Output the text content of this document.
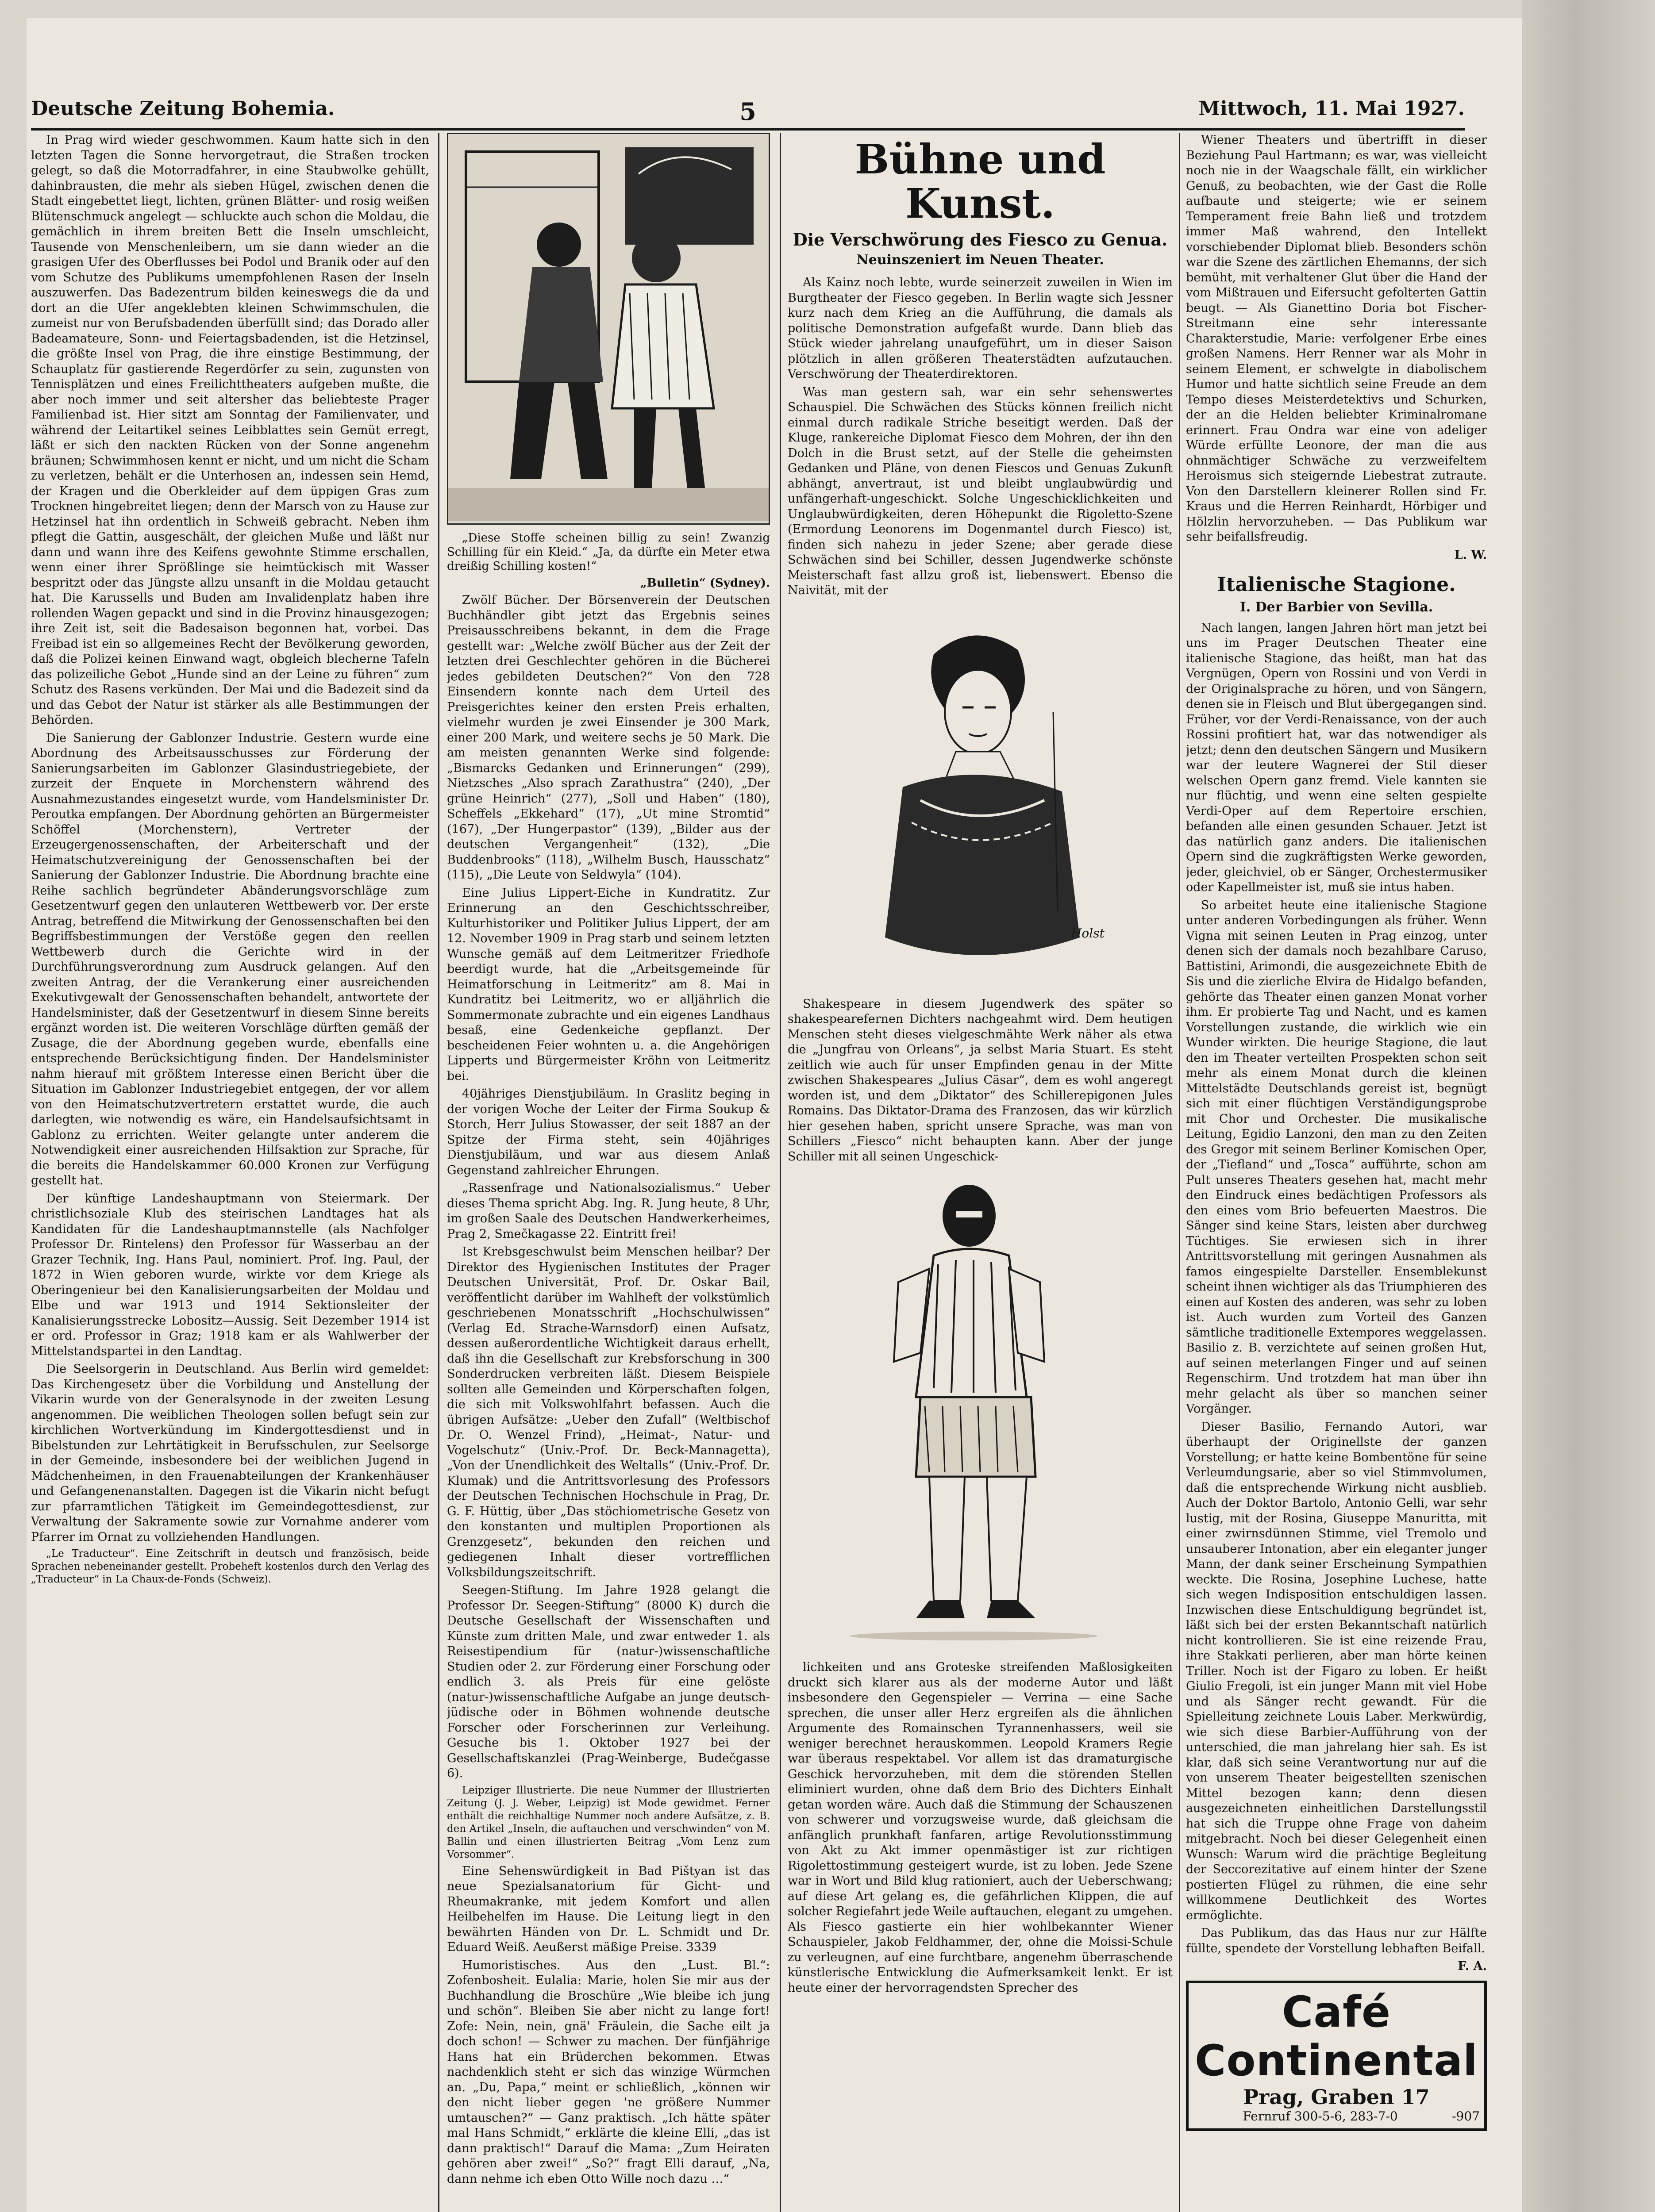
Deutsche Zeitung Bohemia.	5	Mittwoch, 11. Mai 1927.

In Prag wird wieder geschwommen. Kaum hatte sich in den letzten Tagen die Sonne hervorgetraut, die Straßen trocken gelegt, so daß die Motorradfahrer, in eine Staubwolke gehüllt, dahinbrausten, die mehr als sieben Hügel, zwischen denen die Stadt eingebettet liegt, lichten, grünen Blätter- und rosig weißen Blütenschmuck angelegt — schluckte auch schon die Moldau, die gemächlich in ihrem breiten Bett die Inseln umschleicht, Tausende von Menschenleibern, um sie dann wieder an die grasigen Ufer des Oberflusses bei Podol und Branik oder auf den vom Schutze des Publikums umempfohlenen Rasen der Inseln auszuwerfen. Das Badezentrum bilden keineswegs die da und dort an die Ufer angeklebten kleinen Schwimmschulen, die zumeist nur von Berufsbadenden überfüllt sind; das Dorado aller Badeamateure, Sonn- und Feiertagsbadenden, ist die Hetzinsel, die größte Insel von Prag, die ihre einstige Bestimmung, der Schauplatz für gastierende Regerdörfer zu sein, zugunsten von Tennisplätzen und eines Freilichttheaters aufgeben mußte, die aber noch immer und seit altersher das beliebteste Prager Familienbad ist. Hier sitzt am Sonntag der Familienvater, und während der Leitartikel seines Leibblattes sein Gemüt erregt, läßt er sich den nackten Rücken von der Sonne angenehm bräunen; Schwimmhosen kennt er nicht, und um nicht die Scham zu verletzen, behält er die Unterhosen an, indessen sein Hemd, der Kragen und die Oberkleider auf dem üppigen Gras zum Trocknen hingebreitet liegen; denn der Marsch von zu Hause zur Hetzinsel hat ihn ordentlich in Schweiß gebracht. Neben ihm pflegt die Gattin, ausgeschält, der gleichen Muße und läßt nur dann und wann ihre des Keifens gewohnte Stimme erschallen, wenn einer ihrer Sprößlinge sie heimtückisch mit Wasser bespritzt oder das Jüngste allzu unsanft in die Moldau getaucht hat. Die Karussells und Buden am Invalidenplatz haben ihre rollenden Wagen gepackt und sind in die Provinz hinausgezogen; ihre Zeit ist, seit die Badesaison begonnen hat, vorbei. Das Freibad ist ein so allgemeines Recht der Bevölkerung geworden, daß die Polizei keinen Einwand wagt, obgleich blecherne Tafeln das polizeiliche Gebot „Hunde sind an der Leine zu führen“ zum Schutz des Rasens verkünden. Der Mai und die Badezeit sind da und das Gebot der Natur ist stärker als alle Bestimmungen der Behörden.

Die Sanierung der Gablonzer Industrie. Gestern wurde eine Abordnung des Arbeitsausschusses zur Förderung der Sanierungsarbeiten im Gablonzer Glasindustriegebiete, der zurzeit der Enquete in Morchenstern während des Ausnahmezustandes eingesetzt wurde, vom Handelsminister Dr. Peroutka empfangen. Der Abordnung gehörten an Bürgermeister Schöffel (Morchenstern), Vertreter der Erzeugergenossenschaften, der Arbeiterschaft und der Heimatschutzvereinigung der Genossenschaften bei der Sanierung der Gablonzer Industrie. Die Abordnung brachte eine Reihe sachlich begründeter Abänderungsvorschläge zum Gesetzentwurf gegen den unlauteren Wettbewerb vor. Der erste Antrag, betreffend die Mitwirkung der Genossenschaften bei den Begriffsbestimmungen der Verstöße gegen den reellen Wettbewerb durch die Gerichte wird in der Durchführungsverordnung zum Ausdruck gelangen. Auf den zweiten Antrag, der die Verankerung einer ausreichenden Exekutivgewalt der Genossenschaften behandelt, antwortete der Handelsminister, daß der Gesetzentwurf in diesem Sinne bereits ergänzt worden ist. Die weiteren Vorschläge dürften gemäß der Zusage, die der Abordnung gegeben wurde, ebenfalls eine entsprechende Berücksichtigung finden. Der Handelsminister nahm hierauf mit größtem Interesse einen Bericht über die Situation im Gablonzer Industriegebiet entgegen, der vor allem von den Heimatschutzvertretern erstattet wurde, die auch darlegten, wie notwendig es wäre, ein Handelsaufsichtsamt in Gablonz zu errichten. Weiter gelangte unter anderem die Notwendigkeit einer ausreichenden Hilfsaktion zur Sprache, für die bereits die Handelskammer 60.000 Kronen zur Verfügung gestellt hat.

Der künftige Landeshauptmann von Steiermark. Der christlichsoziale Klub des steirischen Landtages hat als Kandidaten für die Landeshauptmannstelle (als Nachfolger Professor Dr. Rintelens) den Professor für Wasserbau an der Grazer Technik, Ing. Hans Paul, nominiert. Prof. Ing. Paul, der 1872 in Wien geboren wurde, wirkte vor dem Kriege als Oberingenieur bei den Kanalisierungsarbeiten der Moldau und Elbe und war 1913 und 1914 Sektionsleiter der Kanalisierungsstrecke Lobositz—Aussig. Seit Dezember 1914 ist er ord. Professor in Graz; 1918 kam er als Wahlwerber der Mittelstandspartei in den Landtag.

Die Seelsorgerin in Deutschland. Aus Berlin wird gemeldet: Das Kirchengesetz über die Vorbildung und Anstellung der Vikarin wurde von der Generalsynode in der zweiten Lesung angenommen. Die weiblichen Theologen sollen befugt sein zur kirchlichen Wortverkündung im Kindergottesdienst und in Bibelstunden zur Lehrtätigkeit in Berufsschulen, zur Seelsorge in der Gemeinde, insbesondere bei der weiblichen Jugend in Mädchenheimen, in den Frauenabteilungen der Krankenhäuser und Gefangenenanstalten. Dagegen ist die Vikarin nicht befugt zur pfarramtlichen Tätigkeit im Gemeindegottesdienst, zur Verwaltung der Sakramente sowie zur Vornahme anderer vom Pfarrer im Ornat zu vollziehenden Handlungen.

„Le Traducteur“. Eine Zeitschrift in deutsch und französisch, beide Sprachen nebeneinander gestellt. Probeheft kostenlos durch den Verlag des „Traducteur“ in La Chaux-de-Fonds (Schweiz).

„Diese Stoffe scheinen billig zu sein! Zwanzig Schilling für ein Kleid.“ „Ja, da dürfte ein Meter etwa dreißig Schilling kosten!“

„Bulletin“ (Sydney).

Zwölf Bücher. Der Börsenverein der Deutschen Buchhändler gibt jetzt das Ergebnis seines Preisausschreibens bekannt, in dem die Frage gestellt war: „Welche zwölf Bücher aus der Zeit der letzten drei Geschlechter gehören in die Bücherei jedes gebildeten Deutschen?“ Von den 728 Einsendern konnte nach dem Urteil des Preisgerichtes keiner den ersten Preis erhalten, vielmehr wurden je zwei Einsender je 300 Mark, einer 200 Mark, und weitere sechs je 50 Mark. Die am meisten genannten Werke sind folgende: „Bismarcks Gedanken und Erinnerungen“ (299), Nietzsches „Also sprach Zarathustra“ (240), „Der grüne Heinrich“ (277), „Soll und Haben“ (180), Scheffels „Ekkehard“ (17), „Ut mine Stromtid“ (167), „Der Hungerpastor“ (139), „Bilder aus der deutschen Vergangenheit“ (132), „Die Buddenbrooks“ (118), „Wilhelm Busch, Hausschatz“ (115), „Die Leute von Seldwyla“ (104).

Eine Julius Lippert-Eiche in Kundratitz. Zur Erinnerung an den Geschichtsschreiber, Kulturhistoriker und Politiker Julius Lippert, der am 12. November 1909 in Prag starb und seinem letzten Wunsche gemäß auf dem Leitmeritzer Friedhofe beerdigt wurde, hat die „Arbeitsgemeinde für Heimatforschung in Leitmeritz“ am 8. Mai in Kundratitz bei Leitmeritz, wo er alljährlich die Sommermonate zubrachte und ein eigenes Landhaus besaß, eine Gedenkeiche gepflanzt. Der bescheidenen Feier wohnten u. a. die Angehörigen Lipperts und Bürgermeister Kröhn von Leitmeritz bei.

40jähriges Dienstjubiläum. In Graslitz beging in der vorigen Woche der Leiter der Firma Soukup & Storch, Herr Julius Stowasser, der seit 1887 an der Spitze der Firma steht, sein 40jähriges Dienstjubiläum, und war aus diesem Anlaß Gegenstand zahlreicher Ehrungen.

„Rassenfrage und Nationalsozialismus.“ Ueber dieses Thema spricht Abg. Ing. R. Jung heute, 8 Uhr, im großen Saale des Deutschen Handwerkerheimes, Prag 2, Smečkagasse 22. Eintritt frei!

Ist Krebsgeschwulst beim Menschen heilbar? Der Direktor des Hygienischen Institutes der Prager Deutschen Universität, Prof. Dr. Oskar Bail, veröffentlicht darüber im Wahlheft der volkstümlich geschriebenen Monatsschrift „Hochschulwissen“ (Verlag Ed. Strache-Warnsdorf) einen Aufsatz, dessen außerordentliche Wichtigkeit daraus erhellt, daß ihn die Gesellschaft zur Krebsforschung in 300 Sonderdrucken verbreiten läßt. Diesem Beispiele sollten alle Gemeinden und Körperschaften folgen, die sich mit Volkswohlfahrt befassen. Auch die übrigen Aufsätze: „Ueber den Zufall“ (Weltbischof Dr. O. Wenzel Frind), „Heimat-, Natur- und Vogelschutz“ (Univ.-Prof. Dr. Beck-Mannagetta), „Von der Unendlichkeit des Weltalls“ (Univ.-Prof. Dr. Klumak) und die Antrittsvorlesung des Professors der Deutschen Technischen Hochschule in Prag, Dr. G. F. Hüttig, über „Das stöchiometrische Gesetz von den konstanten und multiplen Proportionen als Grenzgesetz“, bekunden den reichen und gediegenen Inhalt dieser vortrefflichen Volksbildungszeitschrift.

Seegen-Stiftung. Im Jahre 1928 gelangt die Professor Dr. Seegen-Stiftung“ (8000 K) durch die Deutsche Gesellschaft der Wissenschaften und Künste zum dritten Male, und zwar entweder 1. als Reisestipendium für (natur-)wissenschaftliche Studien oder 2. zur Förderung einer Forschung oder endlich 3. als Preis für eine gelöste (natur-)wissenschaftliche Aufgabe an junge deutsch-jüdische oder in Böhmen wohnende deutsche Forscher oder Forscherinnen zur Verleihung. Gesuche bis 1. Oktober 1927 bei der Gesellschaftskanzlei (Prag-Weinberge, Budečgasse 6).

Leipziger Illustrierte. Die neue Nummer der Illustrierten Zeitung (J. J. Weber, Leipzig) ist Mode gewidmet. Ferner enthält die reichhaltige Nummer noch andere Aufsätze, z. B. den Artikel „Inseln, die auftauchen und verschwinden“ von M. Ballin und einen illustrierten Beitrag „Vom Lenz zum Vorsommer“.

Eine Sehenswürdigkeit in Bad Pištyan ist das neue Spezialsanatorium für Gicht- und Rheumakranke, mit jedem Komfort und allen Heilbehelfen im Hause. Die Leitung liegt in den bewährten Händen von Dr. L. Schmidt und Dr. Eduard Weiß. Aeußerst mäßige Preise. 3339

Humoristisches. Aus den „Lust. Bl.“: Zofenbosheit. Eulalia: Marie, holen Sie mir aus der Buchhandlung die Broschüre „Wie bleibe ich jung und schön“. Bleiben Sie aber nicht zu lange fort! Zofe: Nein, nein, gnä' Fräulein, die Sache eilt ja doch schon! — Schwer zu machen. Der fünfjährige Hans hat ein Brüderchen bekommen. Etwas nachdenklich steht er sich das winzige Würmchen an. „Du, Papa,“ meint er schließlich, „können wir den nicht lieber gegen 'ne größere Nummer umtauschen?“ — Ganz praktisch. „Ich hätte später mal Hans Schmidt,“ erklärte die kleine Elli, „das ist dann praktisch!“ Darauf die Mama: „Zum Heiraten gehören aber zwei!“ „So?“ fragt Elli darauf, „Na, dann nehme ich eben Otto Wille noch dazu …“

Bühne und Kunst.
Die Verschwörung des Fiesco zu Genua.
Neuinszeniert im Neuen Theater.

Als Kainz noch lebte, wurde seinerzeit zuweilen in Wien im Burgtheater der Fiesco gegeben. In Berlin wagte sich Jessner kurz nach dem Krieg an die Aufführung, die damals als politische Demonstration aufgefaßt wurde. Dann blieb das Stück wieder jahrelang unaufgeführt, um in dieser Saison plötzlich in allen größeren Theaterstädten aufzutauchen. Verschwörung der Theaterdirektoren.

Was man gestern sah, war ein sehr sehenswertes Schauspiel. Die Schwächen des Stücks können freilich nicht einmal durch radikale Striche beseitigt werden. Daß der Kluge, rankereiche Diplomat Fiesco dem Mohren, der ihn den Dolch in die Brust setzt, auf der Stelle die geheimsten Gedanken und Pläne, von denen Fiescos und Genuas Zukunft abhängt, anvertraut, ist und bleibt unglaubwürdig und unfängerhaft-ungeschickt. Solche Ungeschicklichkeiten und Unglaubwürdigkeiten, deren Höhepunkt die Rigoletto-Szene (Ermordung Leonorens im Dogenmantel durch Fiesco) ist, finden sich nahezu in jeder Szene; aber gerade diese Schwächen sind bei Schiller, dessen Jugendwerke schönste Meisterschaft fast allzu groß ist, liebenswert. Ebenso die Naivität, mit der

Holst

Shakespeare in diesem Jugendwerk des später so shakespearefernen Dichters nachgeahmt wird. Dem heutigen Menschen steht dieses vielgeschmähte Werk näher als etwa die „Jungfrau von Orleans“, ja selbst Maria Stuart. Es steht zeitlich wie auch für unser Empfinden genau in der Mitte zwischen Shakespeares „Julius Cäsar“, dem es wohl angeregt worden ist, und dem „Diktator“ des Schillerepigonen Jules Romains. Das Diktator-Drama des Franzosen, das wir kürzlich hier gesehen haben, spricht unsere Sprache, was man von Schillers „Fiesco“ nicht behaupten kann. Aber der junge Schiller mit all seinen Ungeschick-

lichkeiten und ans Groteske streifenden Maßlosigkeiten druckt sich klarer aus als der moderne Autor und läßt insbesondere den Gegenspieler — Verrina — eine Sache sprechen, die unser aller Herz ergreifen als die ähnlichen Argumente des Romainschen Tyrannenhassers, weil sie weniger berechnet herauskommen. Leopold Kramers Regie war überaus respektabel. Vor allem ist das dramaturgische Geschick hervorzuheben, mit dem die störenden Stellen eliminiert wurden, ohne daß dem Brio des Dichters Einhalt getan worden wäre. Auch daß die Stimmung der Schauszenen von schwerer und vorzugsweise wurde, daß gleichsam die anfänglich prunkhaft fanfaren, artige Revolutionsstimmung von Akt zu Akt immer openmästiger ist zur richtigen Rigolettostimmung gesteigert wurde, ist zu loben. Jede Szene war in Wort und Bild klug rationiert, auch der Ueberschwang; auf diese Art gelang es, die gefährlichen Klippen, die auf solcher Regiefahrt jede Weile auftauchen, elegant zu umgehen. Als Fiesco gastierte ein hier wohlbekannter Wiener Schauspieler, Jakob Feldhammer, der, ohne die Moissi-Schule zu verleugnen, auf eine furchtbare, angenehm überraschende künstlerische Entwicklung die Aufmerksamkeit lenkt. Er ist heute einer der hervorragendsten Sprecher des

Wiener Theaters und übertrifft in dieser Beziehung Paul Hartmann; es war, was vielleicht noch nie in der Waagschale fällt, ein wirklicher Genuß, zu beobachten, wie der Gast die Rolle aufbaute und steigerte; wie er seinem Temperament freie Bahn ließ und trotzdem immer Maß wahrend, den Intellekt vorschiebender Diplomat blieb. Besonders schön war die Szene des zärtlichen Ehemanns, der sich bemüht, mit verhaltener Glut über die Hand der vom Mißtrauen und Eifersucht gefolterten Gattin beugt. — Als Gianettino Doria bot Fischer-Streitmann eine sehr interessante Charakterstudie, Marie: verfolgener Erbe eines großen Namens. Herr Renner war als Mohr in seinem Element, er schwelgte in diabolischem Humor und hatte sichtlich seine Freude an dem Tempo dieses Meisterdetektivs und Schurken, der an die Helden beliebter Kriminalromane erinnert. Frau Ondra war eine von adeliger Würde erfüllte Leonore, der man die aus ohnmächtiger Schwäche zu verzweifeltem Heroismus sich steigernde Liebestrat zutraute. Von den Darstellern kleinerer Rollen sind Fr. Kraus und die Herren Reinhardt, Hörbiger und Hölzlin hervorzuheben. — Das Publikum war sehr beifallsfreudig.

L. W.

Italienische Stagione.
I. Der Barbier von Sevilla.

Nach langen, langen Jahren hört man jetzt bei uns im Prager Deutschen Theater eine italienische Stagione, das heißt, man hat das Vergnügen, Opern von Rossini und von Verdi in der Originalsprache zu hören, und von Sängern, denen sie in Fleisch und Blut übergegangen sind. Früher, vor der Verdi-Renaissance, von der auch Rossini profitiert hat, war das notwendiger als jetzt; denn den deutschen Sängern und Musikern war der leutere Wagnerei der Stil dieser welschen Opern ganz fremd. Viele kannten sie nur flüchtig, und wenn eine selten gespielte Verdi-Oper auf dem Repertoire erschien, befanden alle einen gesunden Schauer. Jetzt ist das natürlich ganz anders. Die italienischen Opern sind die zugkräftigsten Werke geworden, jeder, gleichviel, ob er Sänger, Orchestermusiker oder Kapellmeister ist, muß sie intus haben.

So arbeitet heute eine italienische Stagione unter anderen Vorbedingungen als früher. Wenn Vigna mit seinen Leuten in Prag einzog, unter denen sich der damals noch bezahlbare Caruso, Battistini, Arimondi, die ausgezeichnete Ebith de Sis und die zierliche Elvira de Hidalgo befanden, gehörte das Theater einen ganzen Monat vorher ihm. Er probierte Tag und Nacht, und es kamen Vorstellungen zustande, die wirklich wie ein Wunder wirkten. Die heurige Stagione, die laut den im Theater verteilten Prospekten schon seit mehr als einem Monat durch die kleinen Mittelstädte Deutschlands gereist ist, begnügt sich mit einer flüchtigen Verständigungsprobe mit Chor und Orchester. Die musikalische Leitung, Egidio Lanzoni, den man zu den Zeiten des Gregor mit seinem Berliner Komischen Oper, der „Tiefland“ und „Tosca“ aufführte, schon am Pult unseres Theaters gesehen hat, macht mehr den Eindruck eines bedächtigen Professors als den eines vom Brio befeuerten Maestros. Die Sänger sind keine Stars, leisten aber durchweg Tüchtiges. Sie erwiesen sich in ihrer Antrittsvorstellung mit geringen Ausnahmen als famos eingespielte Darsteller. Ensemblekunst scheint ihnen wichtiger als das Triumphieren des einen auf Kosten des anderen, was sehr zu loben ist. Auch wurden zum Vorteil des Ganzen sämtliche traditionelle Extempores weggelassen. Basilio z. B. verzichtete auf seinen großen Hut, auf seinen meterlangen Finger und auf seinen Regenschirm. Und trotzdem hat man über ihn mehr gelacht als über so manchen seiner Vorgänger.

Dieser Basilio, Fernando Autori, war überhaupt der Originellste der ganzen Vorstellung; er hatte keine Bombentöne für seine Verleumdungsarie, aber so viel Stimmvolumen, daß die entsprechende Wirkung nicht ausblieb. Auch der Doktor Bartolo, Antonio Gelli, war sehr lustig, mit der Rosina, Giuseppe Manuritta, mit einer zwirnsdünnen Stimme, viel Tremolo und unsauberer Intonation, aber ein eleganter junger Mann, der dank seiner Erscheinung Sympathien weckte. Die Rosina, Josephine Luchese, hatte sich wegen Indisposition entschuldigen lassen. Inzwischen diese Entschuldigung begründet ist, läßt sich bei der ersten Bekanntschaft natürlich nicht kontrollieren. Sie ist eine reizende Frau, ihre Stakkati perlieren, aber man hörte keinen Triller. Noch ist der Figaro zu loben. Er heißt Giulio Fregoli, ist ein junger Mann mit viel Hobe und als Sänger recht gewandt. Für die Spielleitung zeichnete Louis Laber. Merkwürdig, wie sich diese Barbier-Aufführung von der unterschied, die man jahrelang hier sah. Es ist klar, daß sich seine Verantwortung nur auf die von unserem Theater beigestellten szenischen Mittel bezogen kann; denn diesen ausgezeichneten einheitlichen Darstellungsstil hat sich die Truppe ohne Frage von daheim mitgebracht. Noch bei dieser Gelegenheit einen Wunsch: Warum wird die prächtige Begleitung der Seccorezitative auf einem hinter der Szene postierten Flügel zu rühmen, die eine sehr willkommene Deutlichkeit des Wortes ermöglichte.

Das Publikum, das das Haus nur zur Hälfte füllte, spendete der Vorstellung lebhaften Beifall.

F. A.

Café Continental
Prag, Graben 17
Fernruf 300-5-6, 283-7-0	-907
